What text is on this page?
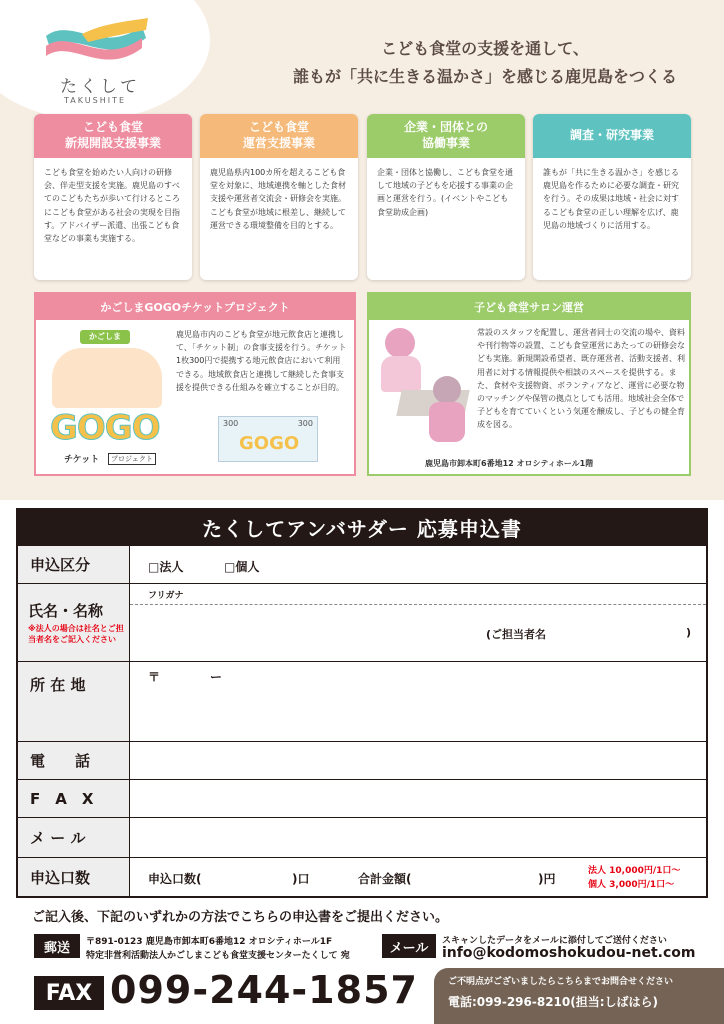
たくして
TAKUSHITE
こども食堂の支援を通して、
誰もが「共に生きる温かさ」を感じる鹿児島をつくる
こども食堂
新規開設支援事業
こども食堂を始めたい人向けの研修会、伴走型支援を実施。鹿児島のすべてのこどもたちが歩いて行けるところにこども食堂がある社会の実現を目指す。アドバイザー派遣、出張こども食堂などの事業も実施する。
こども食堂
運営支援事業
鹿児島県内100カ所を超えるこども食堂を対象に、地域連携を軸とした食材支援や運営者交流会・研修会を実施。こども食堂が地域に根差し、継続して運営できる環境整備を目的とする。
企業・団体との
協働事業
企業・団体と協働し、こども食堂を通して地域の子どもを応援する事業の企画と運営を行う。(イベントやこども食堂助成企画)
調査・研究事業
誰もが「共に生きる温かさ」を感じる鹿児島を作るために必要な調査・研究を行う。その成果は地域・社会に対するこども食堂の正しい理解を広げ、鹿児島の地域づくりに活用する。
かごしまGOGOチケットプロジェクト
かごしま
GOGO
チケット	プロジェクト
鹿児島市内のこども食堂が地元飲食店と連携して、「チケット制」の食事支援を行う。チケット1枚300円で提携する地元飲食店において利用できる。地域飲食店と連携して継続した食事支援を提供できる仕組みを確立することが目的。
300	300
GOGO
子ども食堂サロン運営
常設のスタッフを配置し、運営者同士の交流の場や、資料や刊行物等の設置、こども食堂運営にあたっての研修会なども実施。新規開設希望者、既存運営者、活動支援者、利用者に対する情報提供や相談のスペースを提供する。また、食材や支援物資、ボランティアなど、運営に必要な物のマッチングや保管の拠点としても活用。地域社会全体で子どもを育てていくという気運を醸成し、子どもの健全育成を図る。
鹿児島市卸本町6番地12 オロシティホール1階
たくしてアンバサダー 応募申込書
申込区分	□法人	□個人
氏名・名称
※法人の場合は社名とご担当者名をご記入ください
フリガナ
(ご担当者名	)
所 在 地	〒	ー
電　　話
F　A　X
メ ー ル
申込口数	申込口数(	)口	合計金額(	)円
法人 10,000円/1口〜
個人 3,000円/1口〜
ご記入後、下記のいずれかの方法でこちらの申込書をご提出ください。
郵送	〒891-0123 鹿児島市卸本町6番地12 オロシティホール1F
特定非営利活動法人かごしまこども食堂支援センターたくして 宛
メール	スキャンしたデータをメールに添付してご送付ください
info@kodomoshokudou-net.com
FAX 099-244-1857	ご不明点がございましたらこちらまでお問合せください
電話:099-296-8210(担当:しばはら)
